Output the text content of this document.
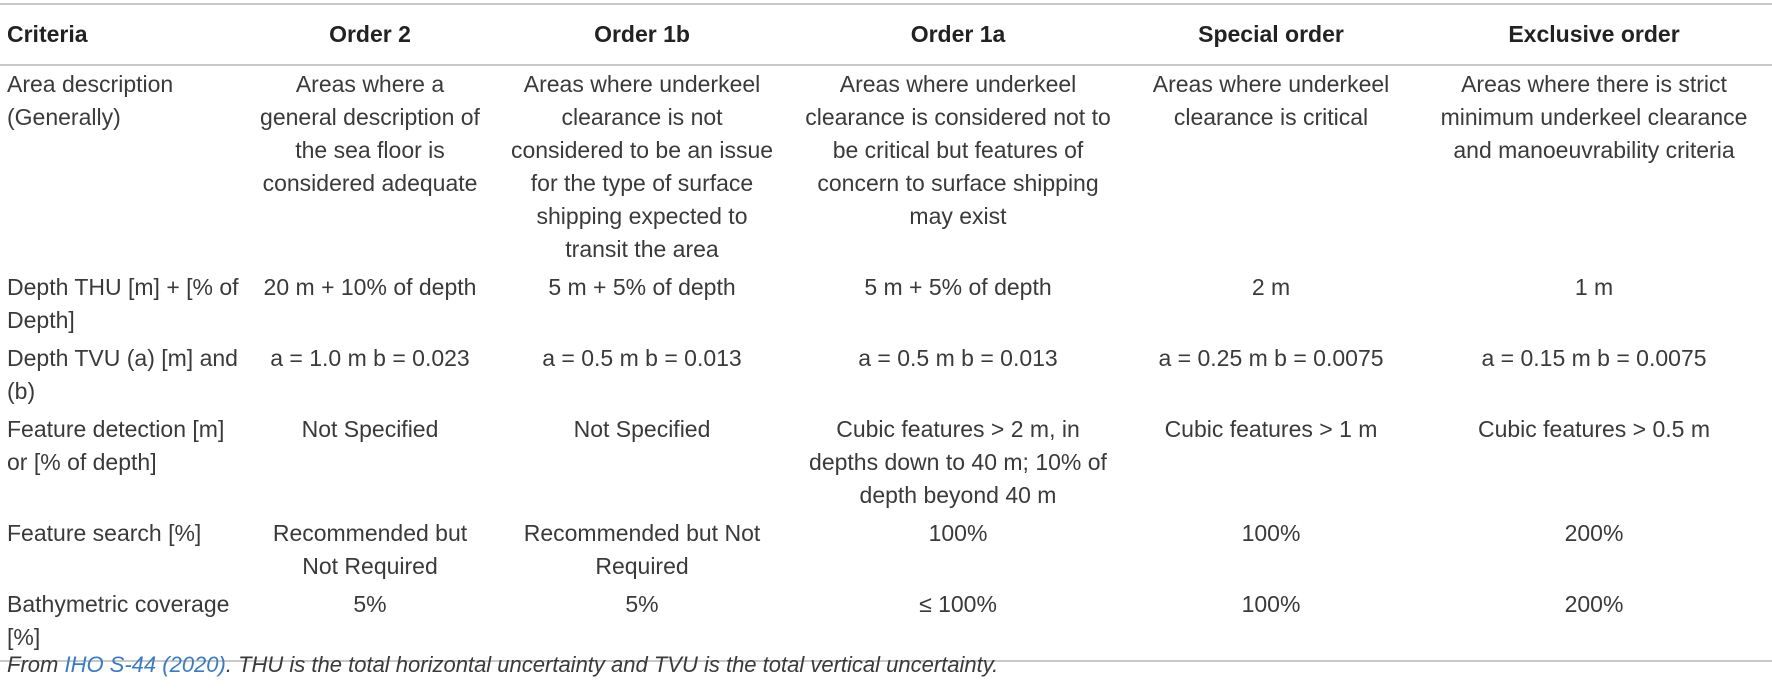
Criteria	Order 2	Order 1b	Order 1a	Special order	Exclusive order
Area description (Generally)	Areas where a general description of the sea floor is considered adequate	Areas where underkeel clearance is not considered to be an issue for the type of surface shipping expected to transit the area	Areas where underkeel clearance is considered not to be critical but features of concern to surface shipping may exist	Areas where underkeel clearance is critical	Areas where there is strict minimum underkeel clearance and manoeuvrability criteria
Depth THU [m] + [% of Depth]	20 m + 10% of depth	5 m + 5% of depth	5 m + 5% of depth	2 m	1 m
Depth TVU (a) [m] and (b)	a = 1.0 m b = 0.023	a = 0.5 m b = 0.013	a = 0.5 m b = 0.013	a = 0.25 m b = 0.0075	a = 0.15 m b = 0.0075
Feature detection [m] or [% of depth]	Not Specified	Not Specified	Cubic features > 2 m, in depths down to 40 m; 10% of depth beyond 40 m	Cubic features > 1 m	Cubic features > 0.5 m
Feature search [%]	Recommended but Not Required	Recommended but Not Required	100%	100%	200%
Bathymetric coverage [%]	5%	5%	≤ 100%	100%	200%
From IHO S-44 (2020). THU is the total horizontal uncertainty and TVU is the total vertical uncertainty.
